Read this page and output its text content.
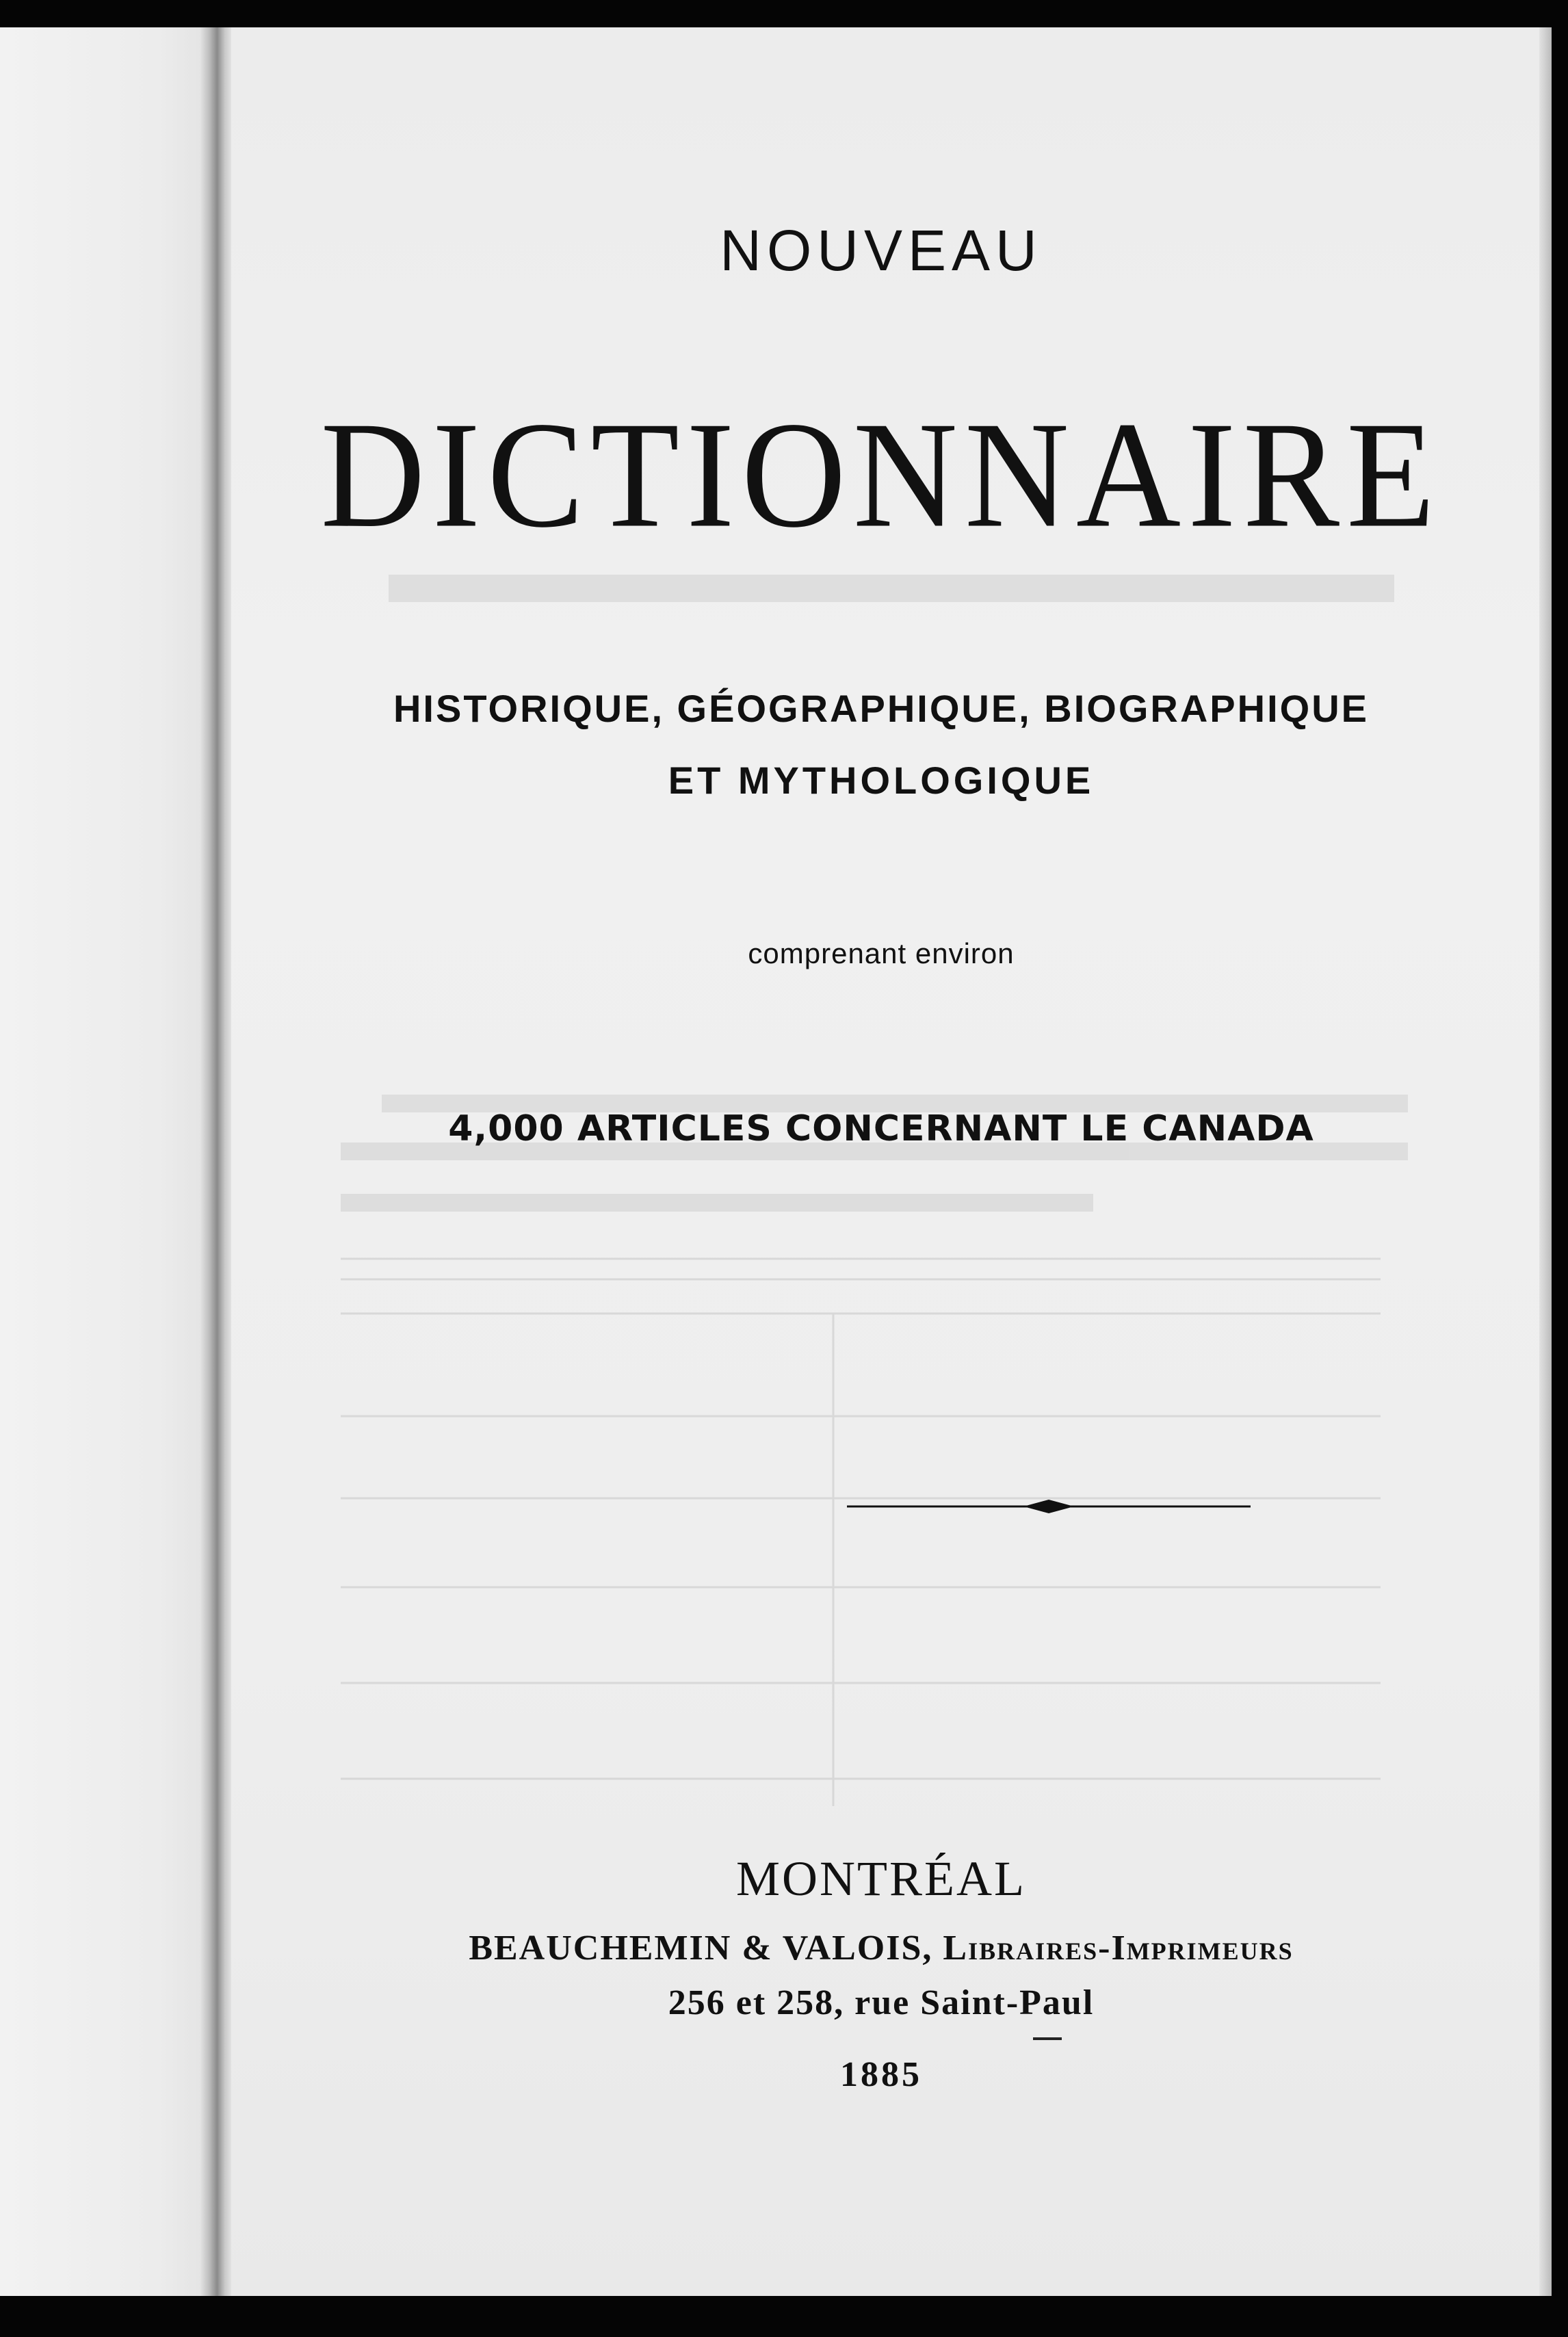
NOUVEAU
DICTIONNAIRE
HISTORIQUE, GÉOGRAPHIQUE, BIOGRAPHIQUE
ET MYTHOLOGIQUE
comprenant environ
4,000 ARTICLES CONCERNANT LE CANADA
MONTRÉAL
BEAUCHEMIN & VALOIS, Libraires-Imprimeurs
256 et 258, rue Saint-Paul
1885
